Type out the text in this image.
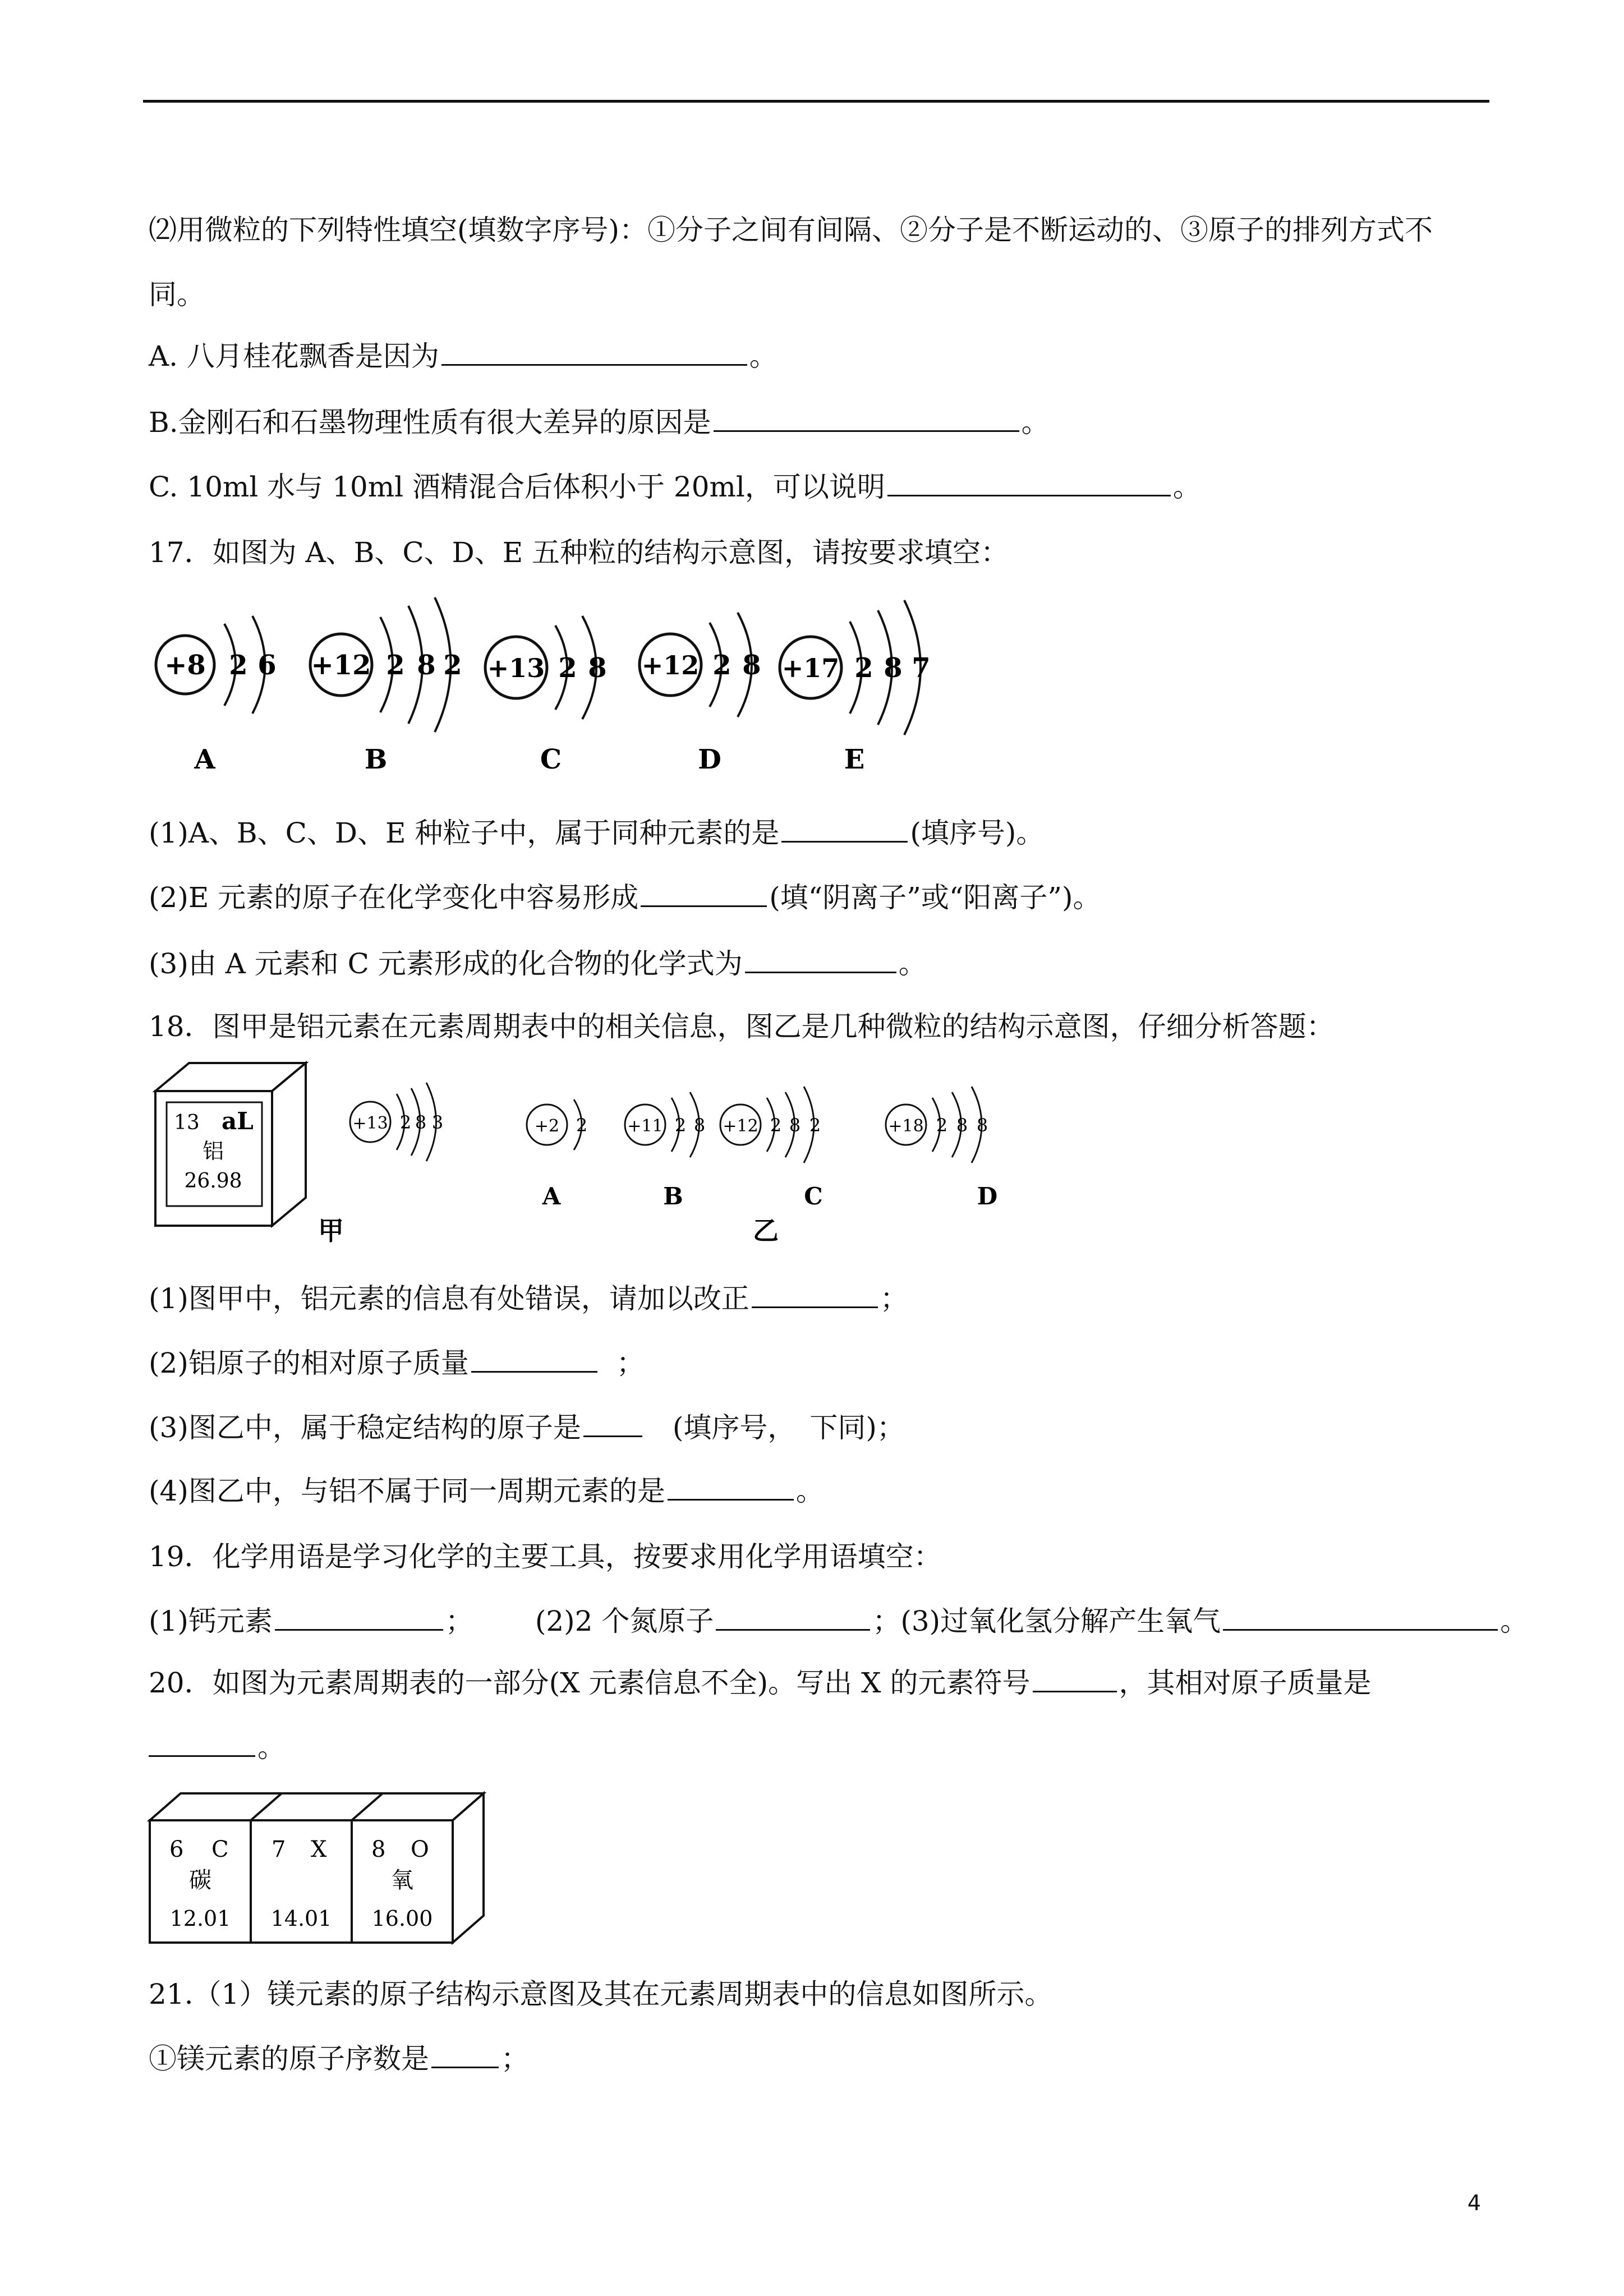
⑵用微粒的下列特性填空(填数字序号)：①分子之间有间隔、②分子是不断运动的、③原子的排列方式不
同。
A. 八月桂花飘香是因为	。
B.金刚石和石墨物理性质有很大差异的原因是	。
C. 10ml 水与 10ml 酒精混合后体积小于 20ml，可以说明	。
17．如图为 A、B、C、D、E 五种粒的结构示意图，请按要求填空：
+8 2 6
A
+12 2 8 2
B
+13 2 8
C
+12 2 8
D
+17 2 8 7
E
(1)A、B、C、D、E 种粒子中，属于同种元素的是	(填序号)。
(2)E 元素的原子在化学变化中容易形成	(填“阴离子”或“阳离子”)。
(3)由 A 元素和 C 元素形成的化合物的化学式为	。
18．图甲是铝元素在元素周期表中的相关信息，图乙是几种微粒的结构示意图，仔细分析答题：
13 aL
铝
26.98
甲
+13 2 8 3	+2 2
A
+11 2 8
B
+12 2 8 2
C
+18 2 8 8
D
乙
(1)图甲中，铝元素的信息有处错误，请加以改正	；
(2)铝原子的相对原子质量	；
(3)图乙中，属于稳定结构的原子是	(填序号，　下同)；
(4)图乙中，与铝不属于同一周期元素的是	。
19．化学用语是学习化学的主要工具，按要求用化学用语填空：
(1)钙元素	； (2)2 个氮原子	；(3)过氧化氢分解产生氧气	。
20．如图为元素周期表的一部分(X 元素信息不全)。写出 X 的元素符号	，其相对原子质量是
。
6 C
碳
12.01
7 X
14.01
8 O
氧
16.00
21.（1）镁元素的原子结构示意图及其在元素周期表中的信息如图所示。
①镁元素的原子序数是	；
4
